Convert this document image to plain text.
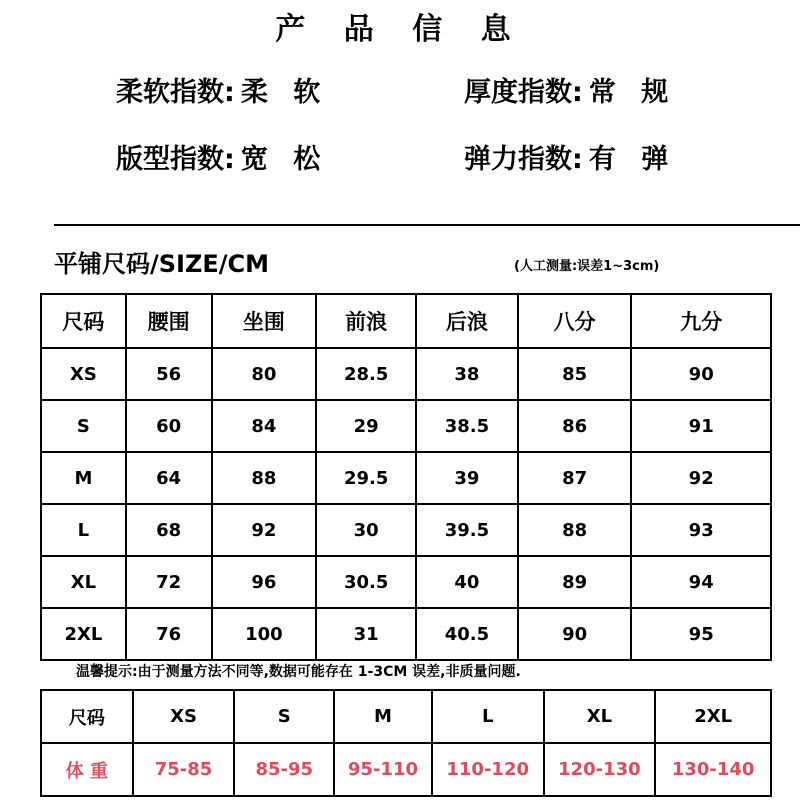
产 品 信 息
柔软指数: 柔 软	厚度指数: 常 规
版型指数: 宽 松	弹力指数: 有 弹
平铺尺码/SIZE/CM	(人工测量:误差1~3cm)
尺码	腰围	坐围	前浪	后浪	八分	九分
XS	56	80	28.5	38	85	90
S	60	84	29	38.5	86	91
M	64	88	29.5	39	87	92
L	68	92	30	39.5	88	93
XL	72	96	30.5	40	89	94
2XL	76	100	31	40.5	90	95
温馨提示:由于测量方法不同等,数据可能存在 1-3CM 误差,非质量问题.
尺码	XS	S	M	L	XL	2XL
体 重	75-85	85-95	95-110	110-120	120-130	130-140
